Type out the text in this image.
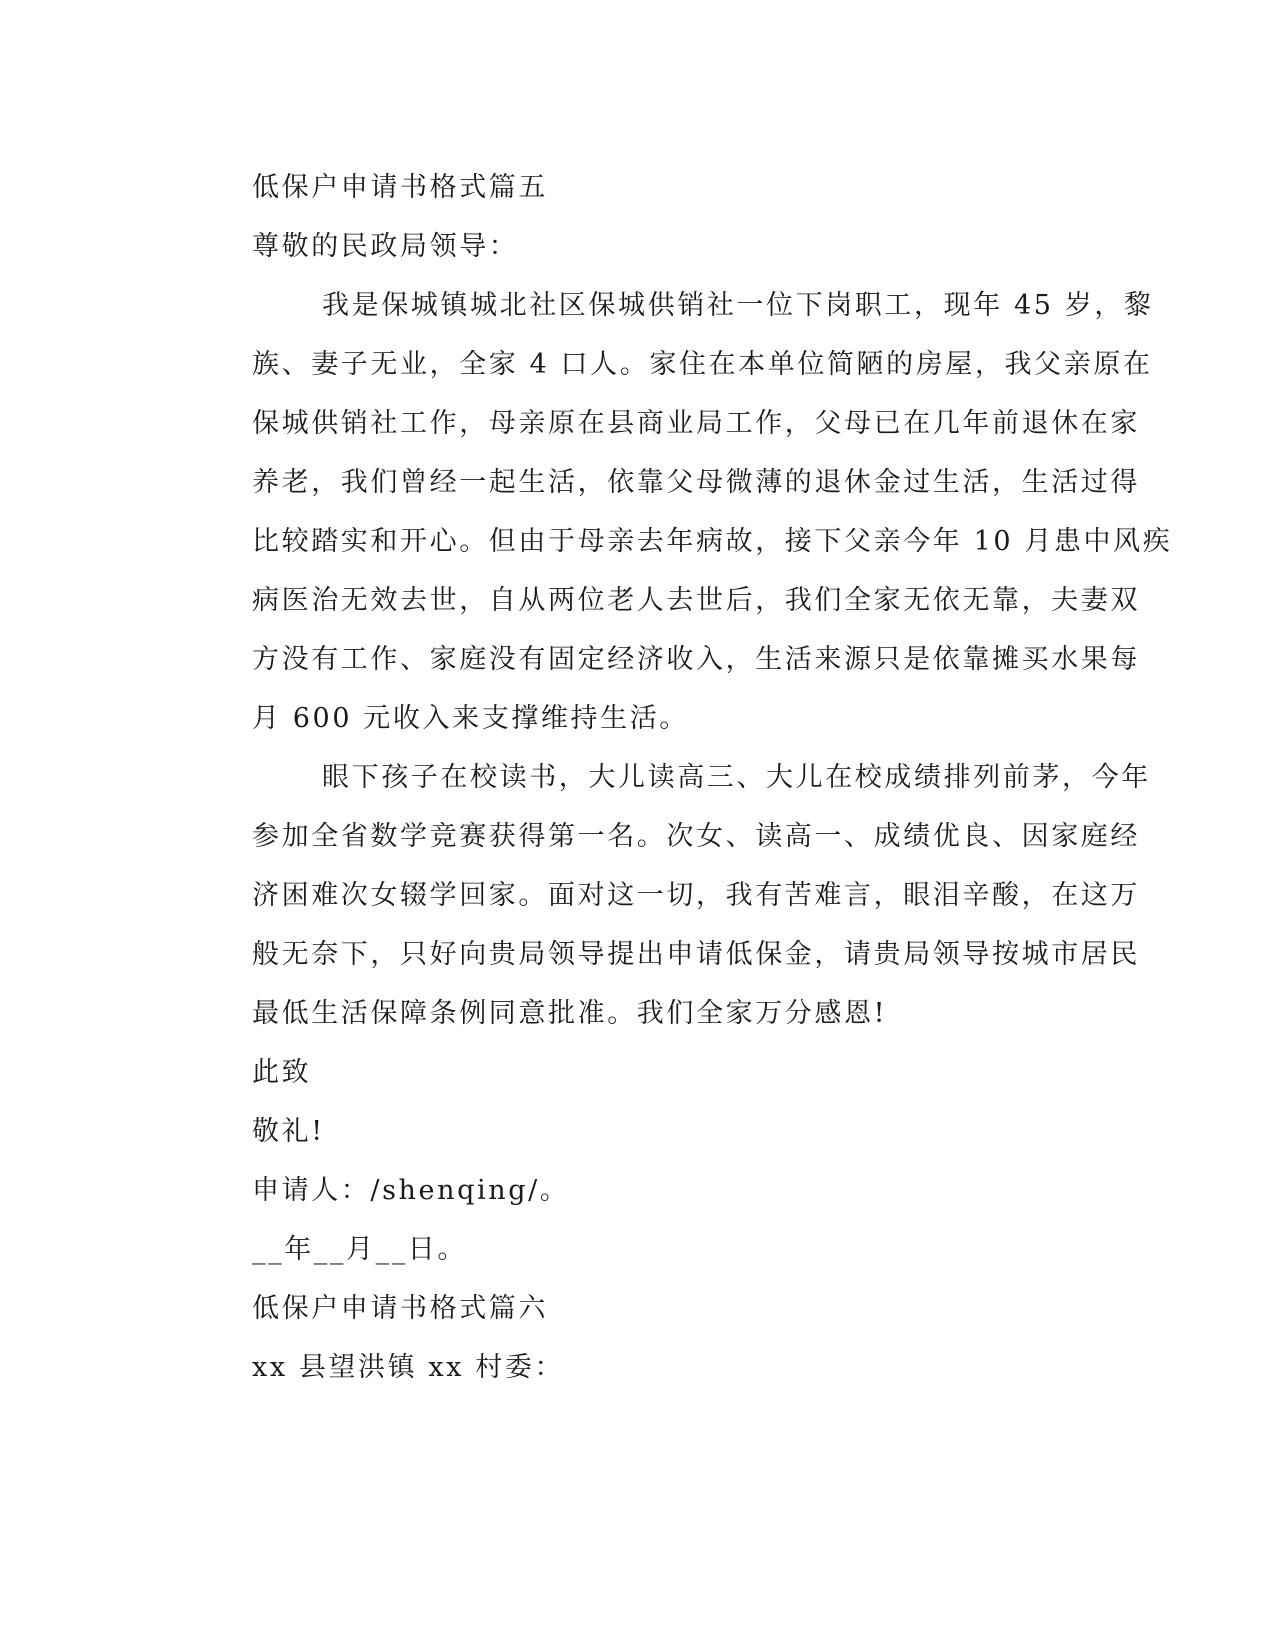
低保户申请书格式篇五
尊敬的民政局领导：
我是保城镇城北社区保城供销社一位下岗职工，现年 45 岁，黎
族、妻子无业，全家 4 口人。家住在本单位简陋的房屋，我父亲原在
保城供销社工作，母亲原在县商业局工作，父母已在几年前退休在家
养老，我们曾经一起生活，依靠父母微薄的退休金过生活，生活过得
比较踏实和开心。但由于母亲去年病故，接下父亲今年 10 月患中风疾
病医治无效去世，自从两位老人去世后，我们全家无依无靠，夫妻双
方没有工作、家庭没有固定经济收入，生活来源只是依靠摊买水果每
月 600 元收入来支撑维持生活。
眼下孩子在校读书，大儿读高三、大儿在校成绩排列前茅，今年
参加全省数学竞赛获得第一名。次女、读高一、成绩优良、因家庭经
济困难次女辍学回家。面对这一切，我有苦难言，眼泪辛酸，在这万
般无奈下，只好向贵局领导提出申请低保金，请贵局领导按城市居民
最低生活保障条例同意批准。我们全家万分感恩!
此致
敬礼!
申请人：/shenqing/。
__年__月__日。
低保户申请书格式篇六
xx 县望洪镇 xx 村委：
